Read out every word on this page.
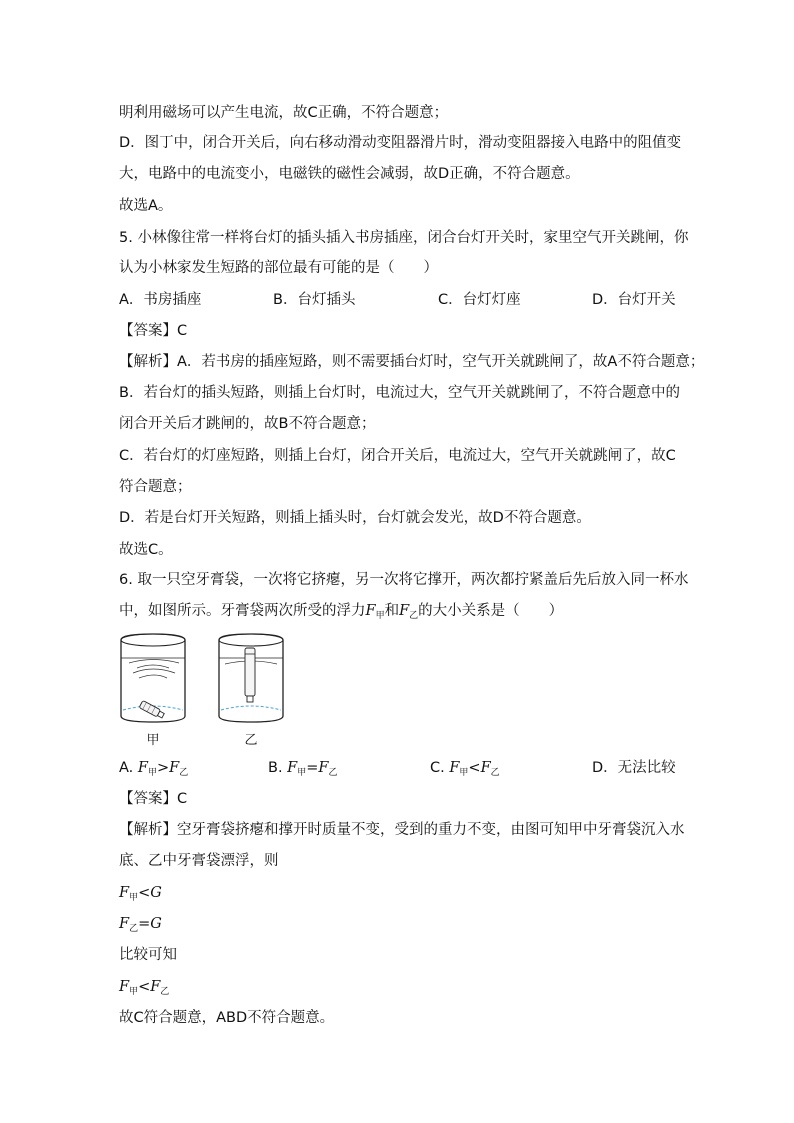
明利用磁场可以产生电流，故C正确，不符合题意；
D．图丁中，闭合开关后，向右移动滑动变阻器滑片时，滑动变阻器接入电路中的阻值变
大，电路中的电流变小，电磁铁的磁性会减弱，故D正确，不符合题意。
故选A。
5. 小林像往常一样将台灯的插头插入书房插座，闭合台灯开关时，家里空气开关跳闸，你
认为小林家发生短路的部位最有可能的是（　　）
A．书房插座	B．台灯插头	C．台灯灯座	D．台灯开关
【答案】C
【解析】A．若书房的插座短路，则不需要插台灯时，空气开关就跳闸了，故A不符合题意；
B．若台灯的插头短路，则插上台灯时，电流过大，空气开关就跳闸了，不符合题意中的
闭合开关后才跳闸的，故B不符合题意；
C．若台灯的灯座短路，则插上台灯，闭合开关后，电流过大，空气开关就跳闸了，故C
符合题意；
D．若是台灯开关短路，则插上插头时，台灯就会发光，故D不符合题意。
故选C。
6. 取一只空牙膏袋，一次将它挤瘪，另一次将它撑开，两次都拧紧盖后先后放入同一杯水
中，如图所示。牙膏袋两次所受的浮力$F_甲$和$F_乙$的大小关系是（　　）
甲	乙
A. $F_甲>F_乙$	B. $F_甲=F_乙$	C. $F_甲<F_乙$	D．无法比较
【答案】C
【解析】空牙膏袋挤瘪和撑开时质量不变，受到的重力不变，由图可知甲中牙膏袋沉入水
底、乙中牙膏袋漂浮，则
$F_甲<G$
$F_乙=G$
比较可知
$F_甲<F_乙$
故C符合题意，ABD不符合题意。
